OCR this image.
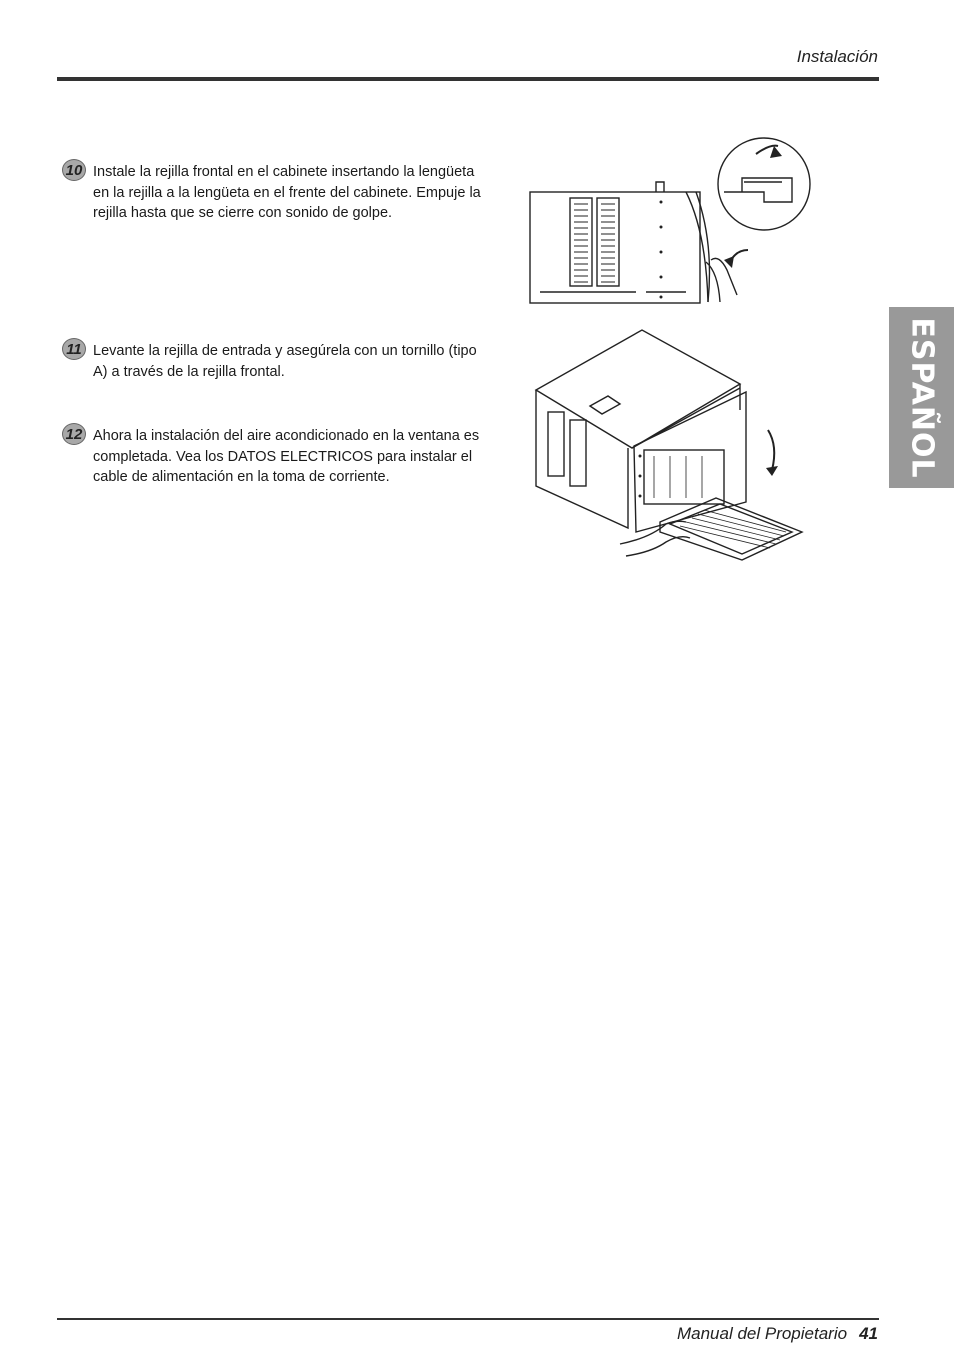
Instalación
ESPAÑOL
10 Instale la rejilla frontal en el cabinete insertando la lengüeta en la rejilla a la lengüeta en el frente del cabinete. Empuje la rejilla hasta que se cierre con sonido de golpe.
11 Levante la rejilla de entrada y asegúrela con un tornillo (tipo A) a través de la rejilla frontal.
12 Ahora la instalación del aire acondicionado en la ventana es completada. Vea los DATOS ELECTRICOS para instalar el cable de alimentación en la toma de corriente.
Manual del Propietario 41
